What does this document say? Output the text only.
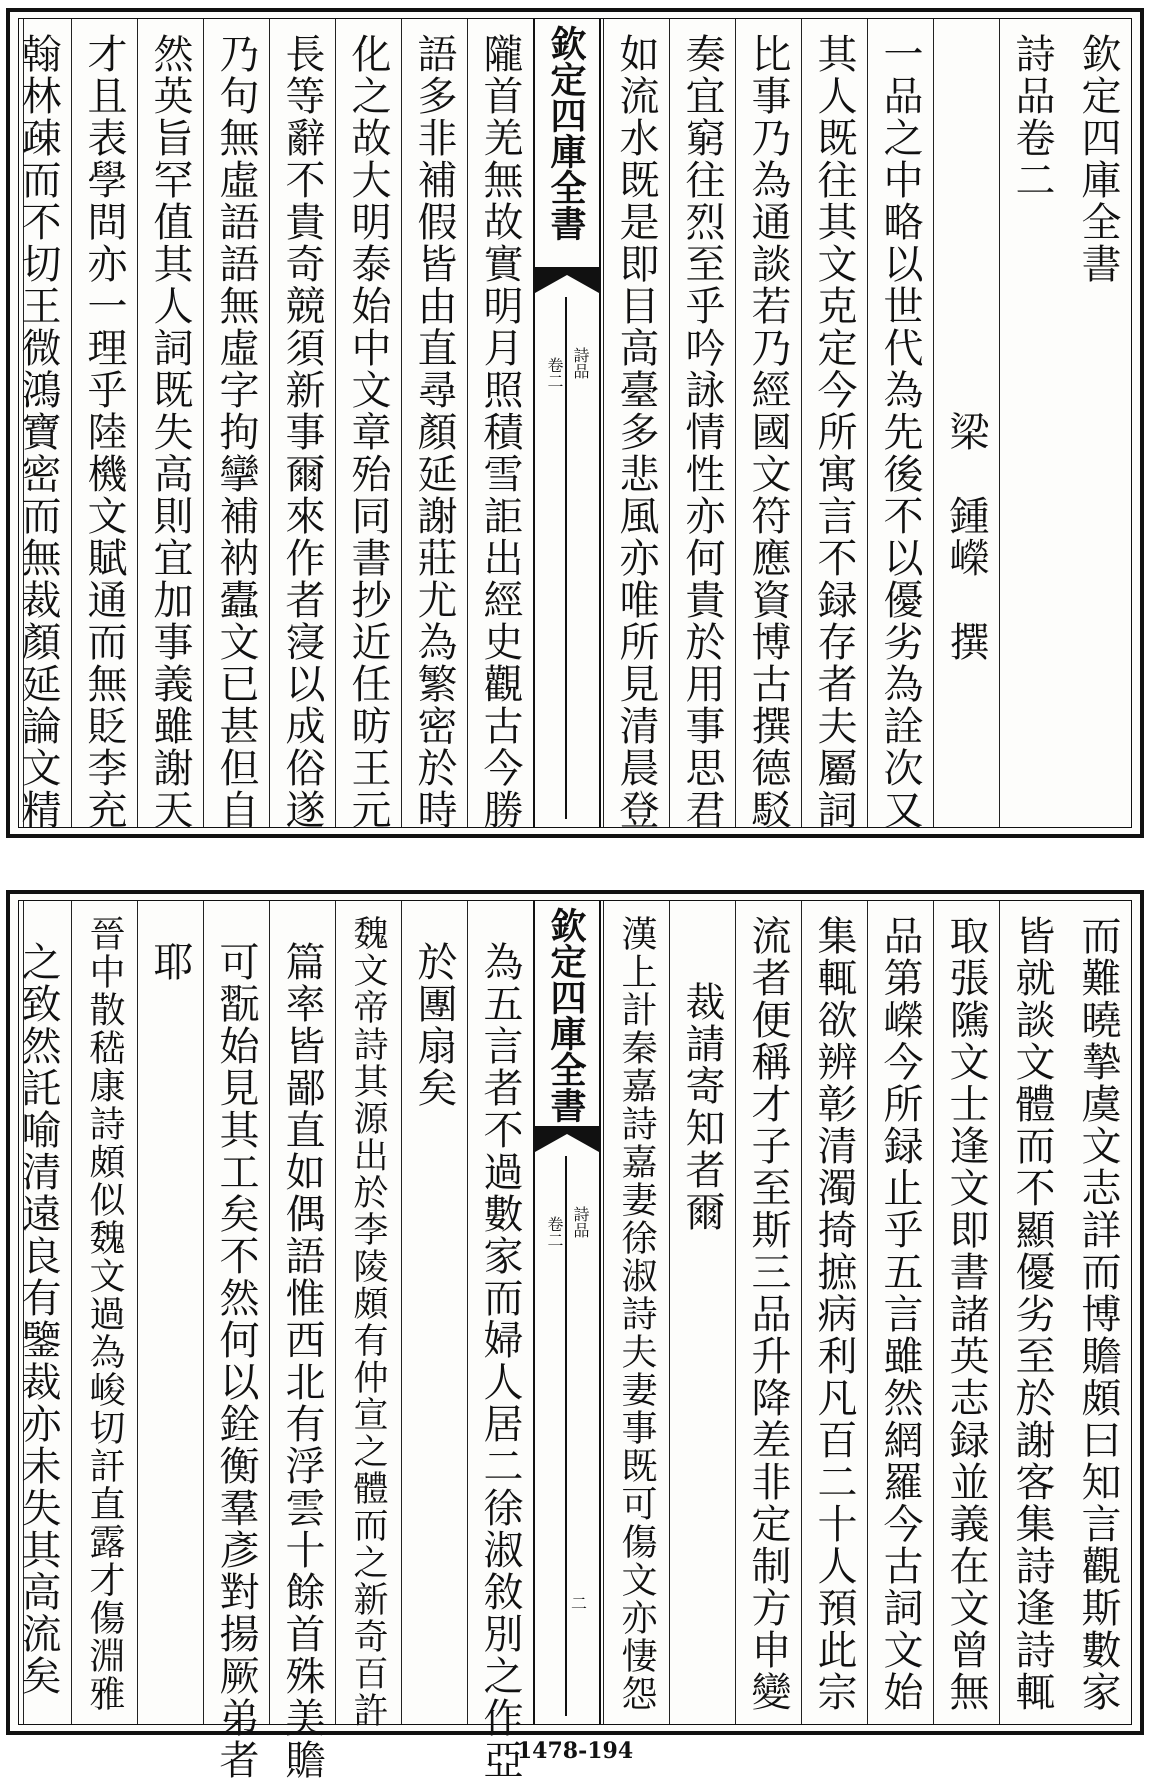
欽定四庫全書
詩品卷二
　　　　　　　　　梁　鍾嶸　撰
一品之中略以世代為先後不以優劣為詮次又
其人既往其文克定今所寓言不録存者夫屬詞
比事乃為通談若乃經國文符應資博古撰德駁
奏宜窮往烈至乎吟詠情性亦何貴於用事思君
如流水既是即目高臺多悲風亦唯所見清晨登
欽定四庫全書
詩品
卷二
隴首羌無故實明月照積雪詎出經史觀古今勝
語多非補假皆由直尋顏延謝莊尤為繁密於時
化之故大明泰始中文章殆同書抄近任昉王元
長等辭不貴奇競須新事爾來作者寖以成俗遂
乃句無虛語語無虛字拘攣補衲蠹文已甚但自
然英旨罕值其人詞既失高則宜加事義雖謝天
才且表學問亦一理乎陸機文賦通而無貶李充
翰林疎而不切王微鴻寶密而無裁顏延論文精
而難曉摯虞文志詳而博贍頗曰知言觀斯數家
皆就談文體而不顯優劣至於謝客集詩逢詩輒
取張隲文士逢文即書諸英志録並義在文曾無
品第嶸今所録止乎五言雖然網羅今古詞文始
集輒欲辨彰清濁掎摭病利凡百二十人預此宗
流者便稱才子至斯三品升降差非定制方申變
裁請寄知者爾
漢上計秦嘉詩嘉妻徐淑詩夫妻事既可傷文亦悽怨
欽定四庫全書
詩品
卷二
二
為五言者不過數家而婦人居二徐淑敘別之作亞
於團扇矣
魏文帝詩其源出於李陵頗有仲宣之體而之新奇百許
篇率皆鄙直如偶語惟西北有浮雲十餘首殊美贍
可翫始見其工矣不然何以銓衡羣彥對揚厥弟者
耶
晉中散嵇康詩頗似魏文過為峻切訐直露才傷淵雅
之致然託喻清遠良有鑒裁亦未失其高流矣
1478-194
